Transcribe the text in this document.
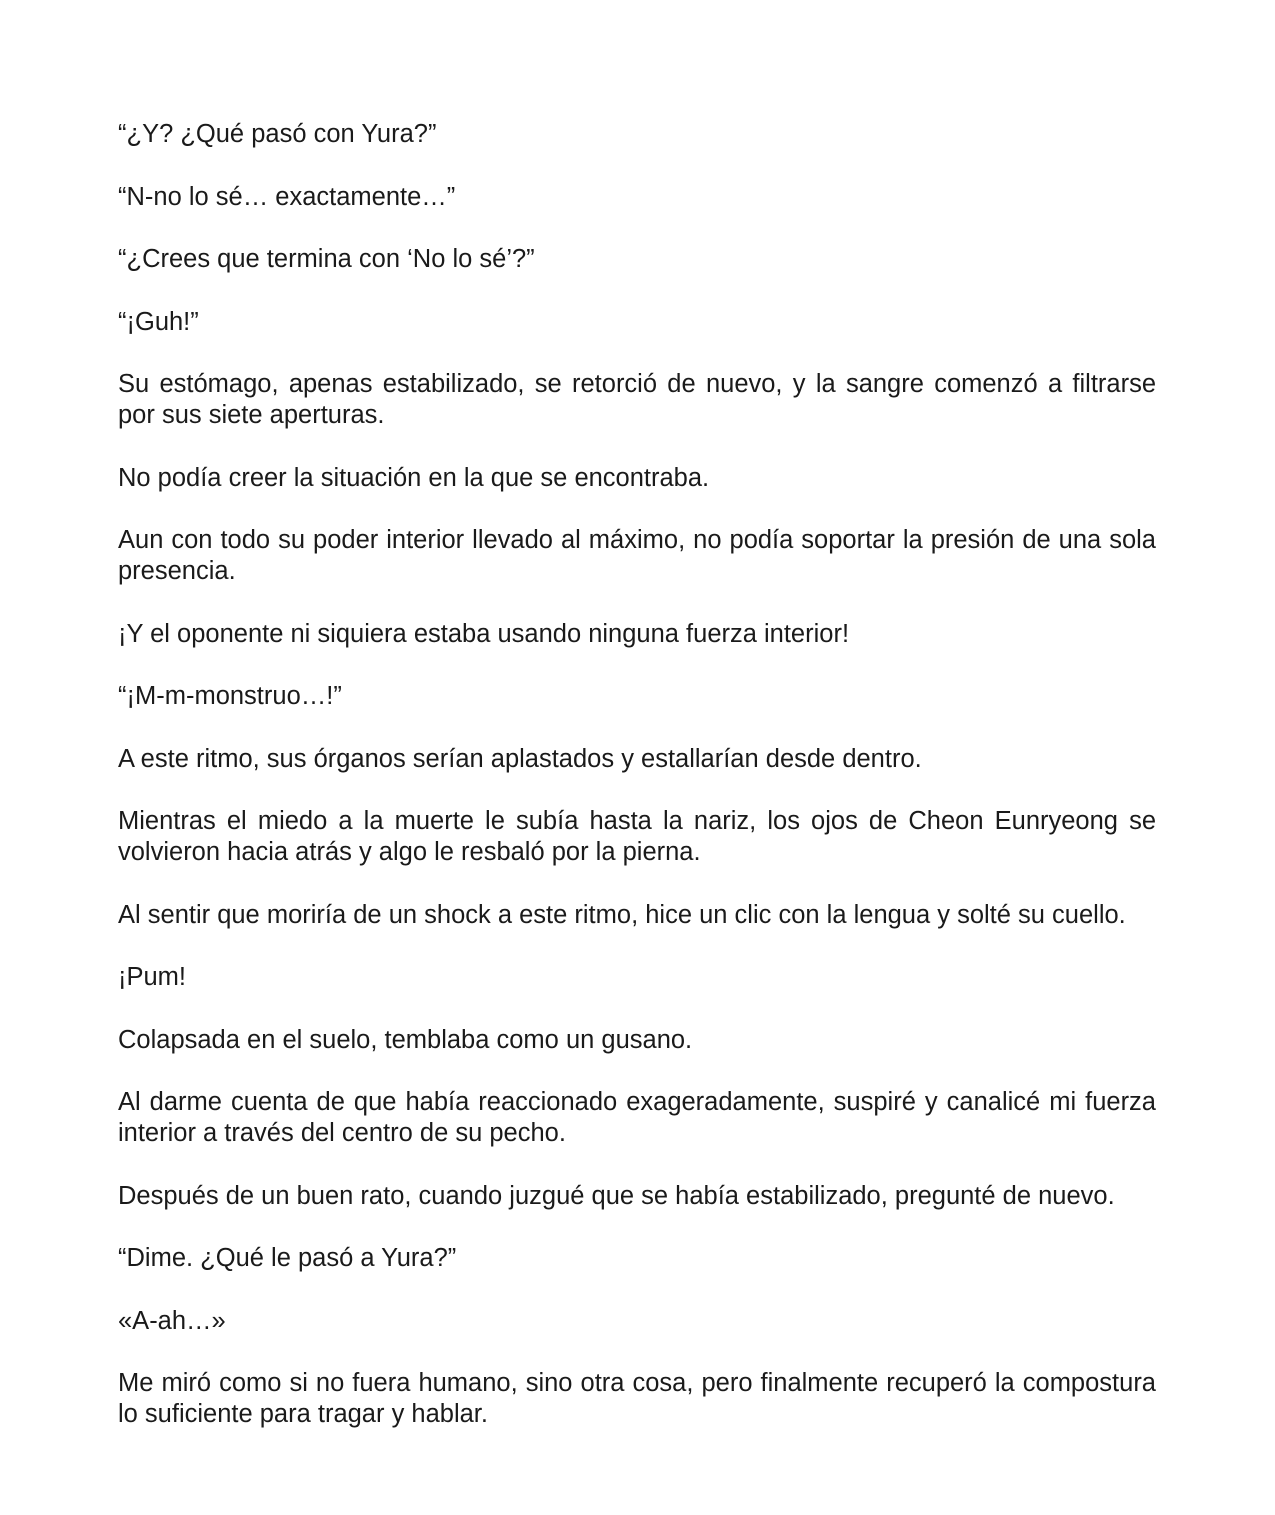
“¿Y? ¿Qué pasó con Yura?”

“N-no lo sé… exactamente…”

“¿Crees que termina con ‘No lo sé’?”

“¡Guh!”

Su estómago, apenas estabilizado, se retorció de nuevo, y la sangre comenzó a filtrarse por sus siete aperturas.

No podía creer la situación en la que se encontraba.

Aun con todo su poder interior llevado al máximo, no podía soportar la presión de una sola presencia.

¡Y el oponente ni siquiera estaba usando ninguna fuerza interior!

“¡M-m-monstruo…!”

A este ritmo, sus órganos serían aplastados y estallarían desde dentro.

Mientras el miedo a la muerte le subía hasta la nariz, los ojos de Cheon Eunryeong se volvieron hacia atrás y algo le resbaló por la pierna.

Al sentir que moriría de un shock a este ritmo, hice un clic con la lengua y solté su cuello.

¡Pum!

Colapsada en el suelo, temblaba como un gusano.

Al darme cuenta de que había reaccionado exageradamente, suspiré y canalicé mi fuerza interior a través del centro de su pecho.

Después de un buen rato, cuando juzgué que se había estabilizado, pregunté de nuevo.

“Dime. ¿Qué le pasó a Yura?”

«A-ah…»

Me miró como si no fuera humano, sino otra cosa, pero finalmente recuperó la compostura lo suficiente para tragar y hablar.
